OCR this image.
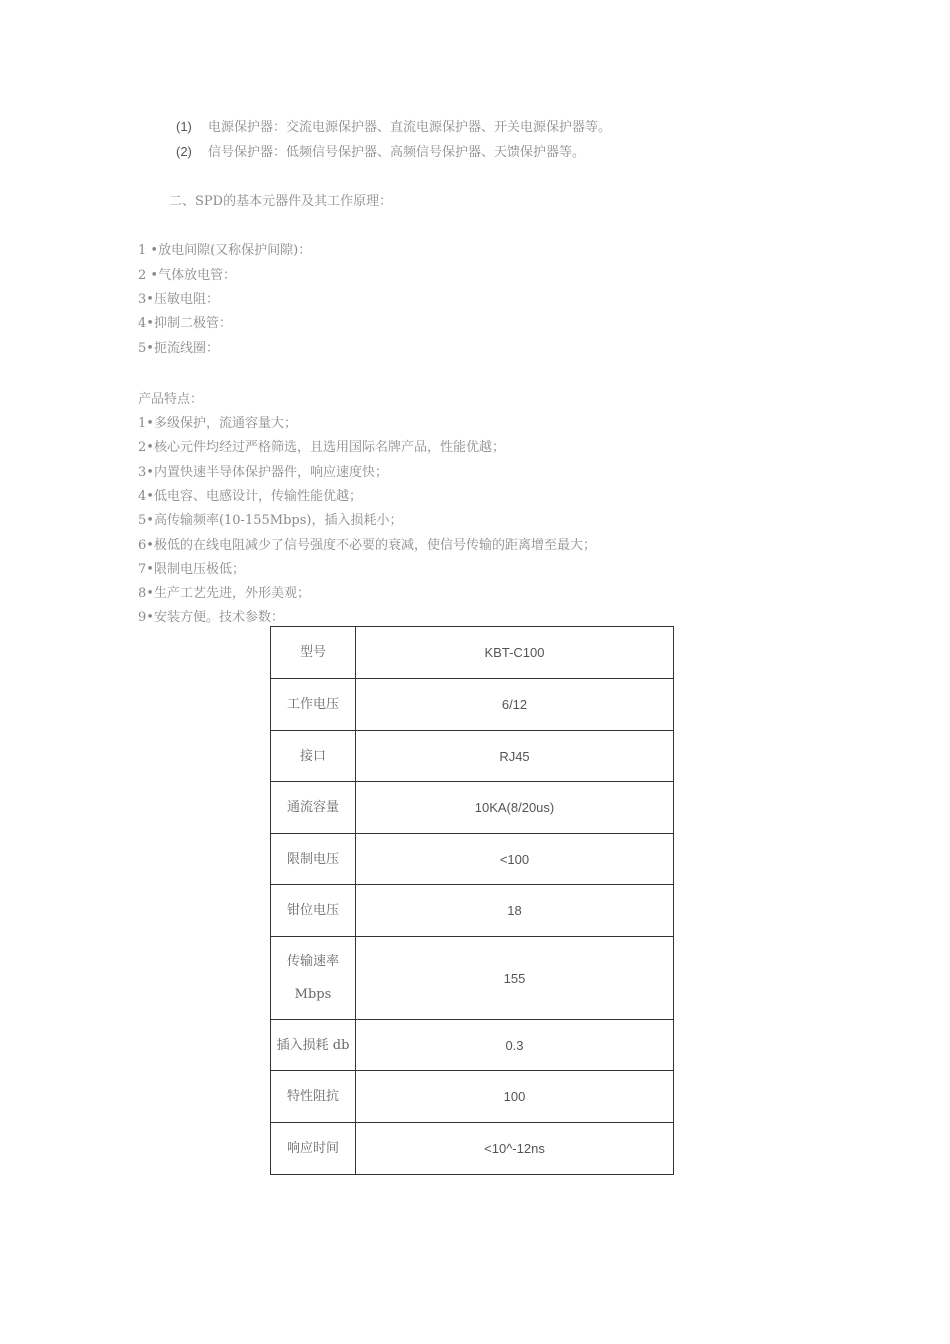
(1) 电源保护器：交流电源保护器、直流电源保护器、开关电源保护器等。
(2) 信号保护器：低频信号保护器、高频信号保护器、天馈保护器等。
二、SPD的基本元器件及其工作原理：
1 •放电间隙(又称保护间隙)：
2 •气体放电管：
3•压敏电阻：
4•抑制二极管：
5•扼流线圈：
产品特点：
1•多级保护，流通容量大；
2•核心元件均经过严格筛选，且选用国际名牌产品，性能优越；
3•内置快速半导体保护器件，响应速度快；
4•低电容、电感设计，传输性能优越；
5•高传输频率(10-155Mbps)，插入损耗小；
6•极低的在线电阻减少了信号强度不必要的衰减，使信号传输的距离增至最大；
7•限制电压极低；
8•生产工艺先进，外形美观；
9•安装方便。技术参数：
型号	KBT-C100
工作电压	6/12
接口	RJ45
通流容量	10KA(8/20us)
限制电压	<100
钳位电压	18
传输速率 Mbps	155
插入损耗 db	0.3
特性阻抗	100
响应时间	<10^-12ns
